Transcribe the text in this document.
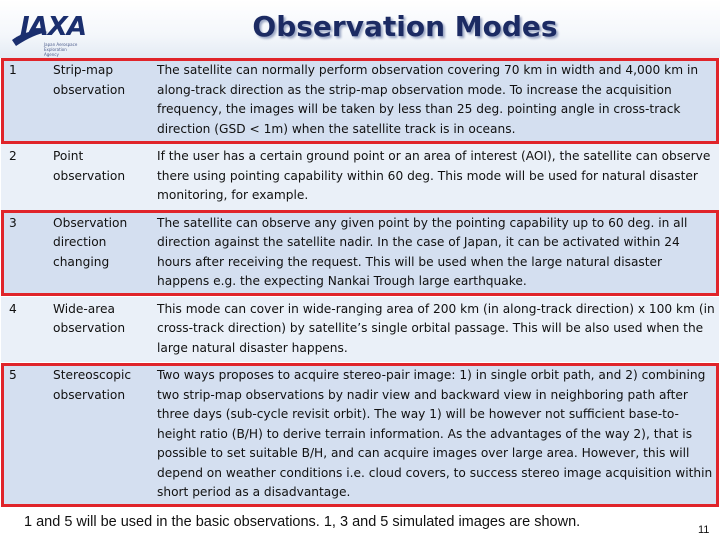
JAXA
Japan Aerospace Exploration Agency
Observation Modes
1	Strip-map observation	The satellite can normally perform observation covering 70 km in width and 4,000 km in along-track direction as the strip-map observation mode. To increase the acquisition frequency, the images will be taken by less than 25 deg. pointing angle in cross-track direction (GSD < 1m) when the satellite track is in oceans.
2	Point observation	If the user has a certain ground point or an area of interest (AOI), the satellite can observe there using pointing capability within 60 deg. This mode will be used for natural disaster monitoring, for example.
3	Observation direction changing	The satellite can observe any given point by the pointing capability up to 60 deg. in all direction against the satellite nadir. In the case of Japan, it can be activated within 24 hours after receiving the request. This will be used when the large natural disaster happens e.g. the expecting Nankai Trough large earthquake.
4	Wide-area observation	This mode can cover in wide-ranging area of 200 km (in along-track direction) x 100 km (in cross-track direction) by satellite’s single orbital passage. This will be also used when the large natural disaster happens.
5	Stereoscopic observation	Two ways proposes to acquire stereo-pair image: 1) in single orbit path, and 2) combining two strip-map observations by nadir view and backward view in neighboring path after three days (sub-cycle revisit orbit). The way 1) will be however not sufficient base-to-height ratio (B/H) to derive terrain information. As the advantages of the way 2), that is possible to set suitable B/H, and can acquire images over large area. However, this will depend on weather conditions i.e. cloud covers, to success stereo image acquisition within short period as a disadvantage.
1 and 5 will be used in the basic observations. 1, 3 and 5 simulated images are shown.	11
